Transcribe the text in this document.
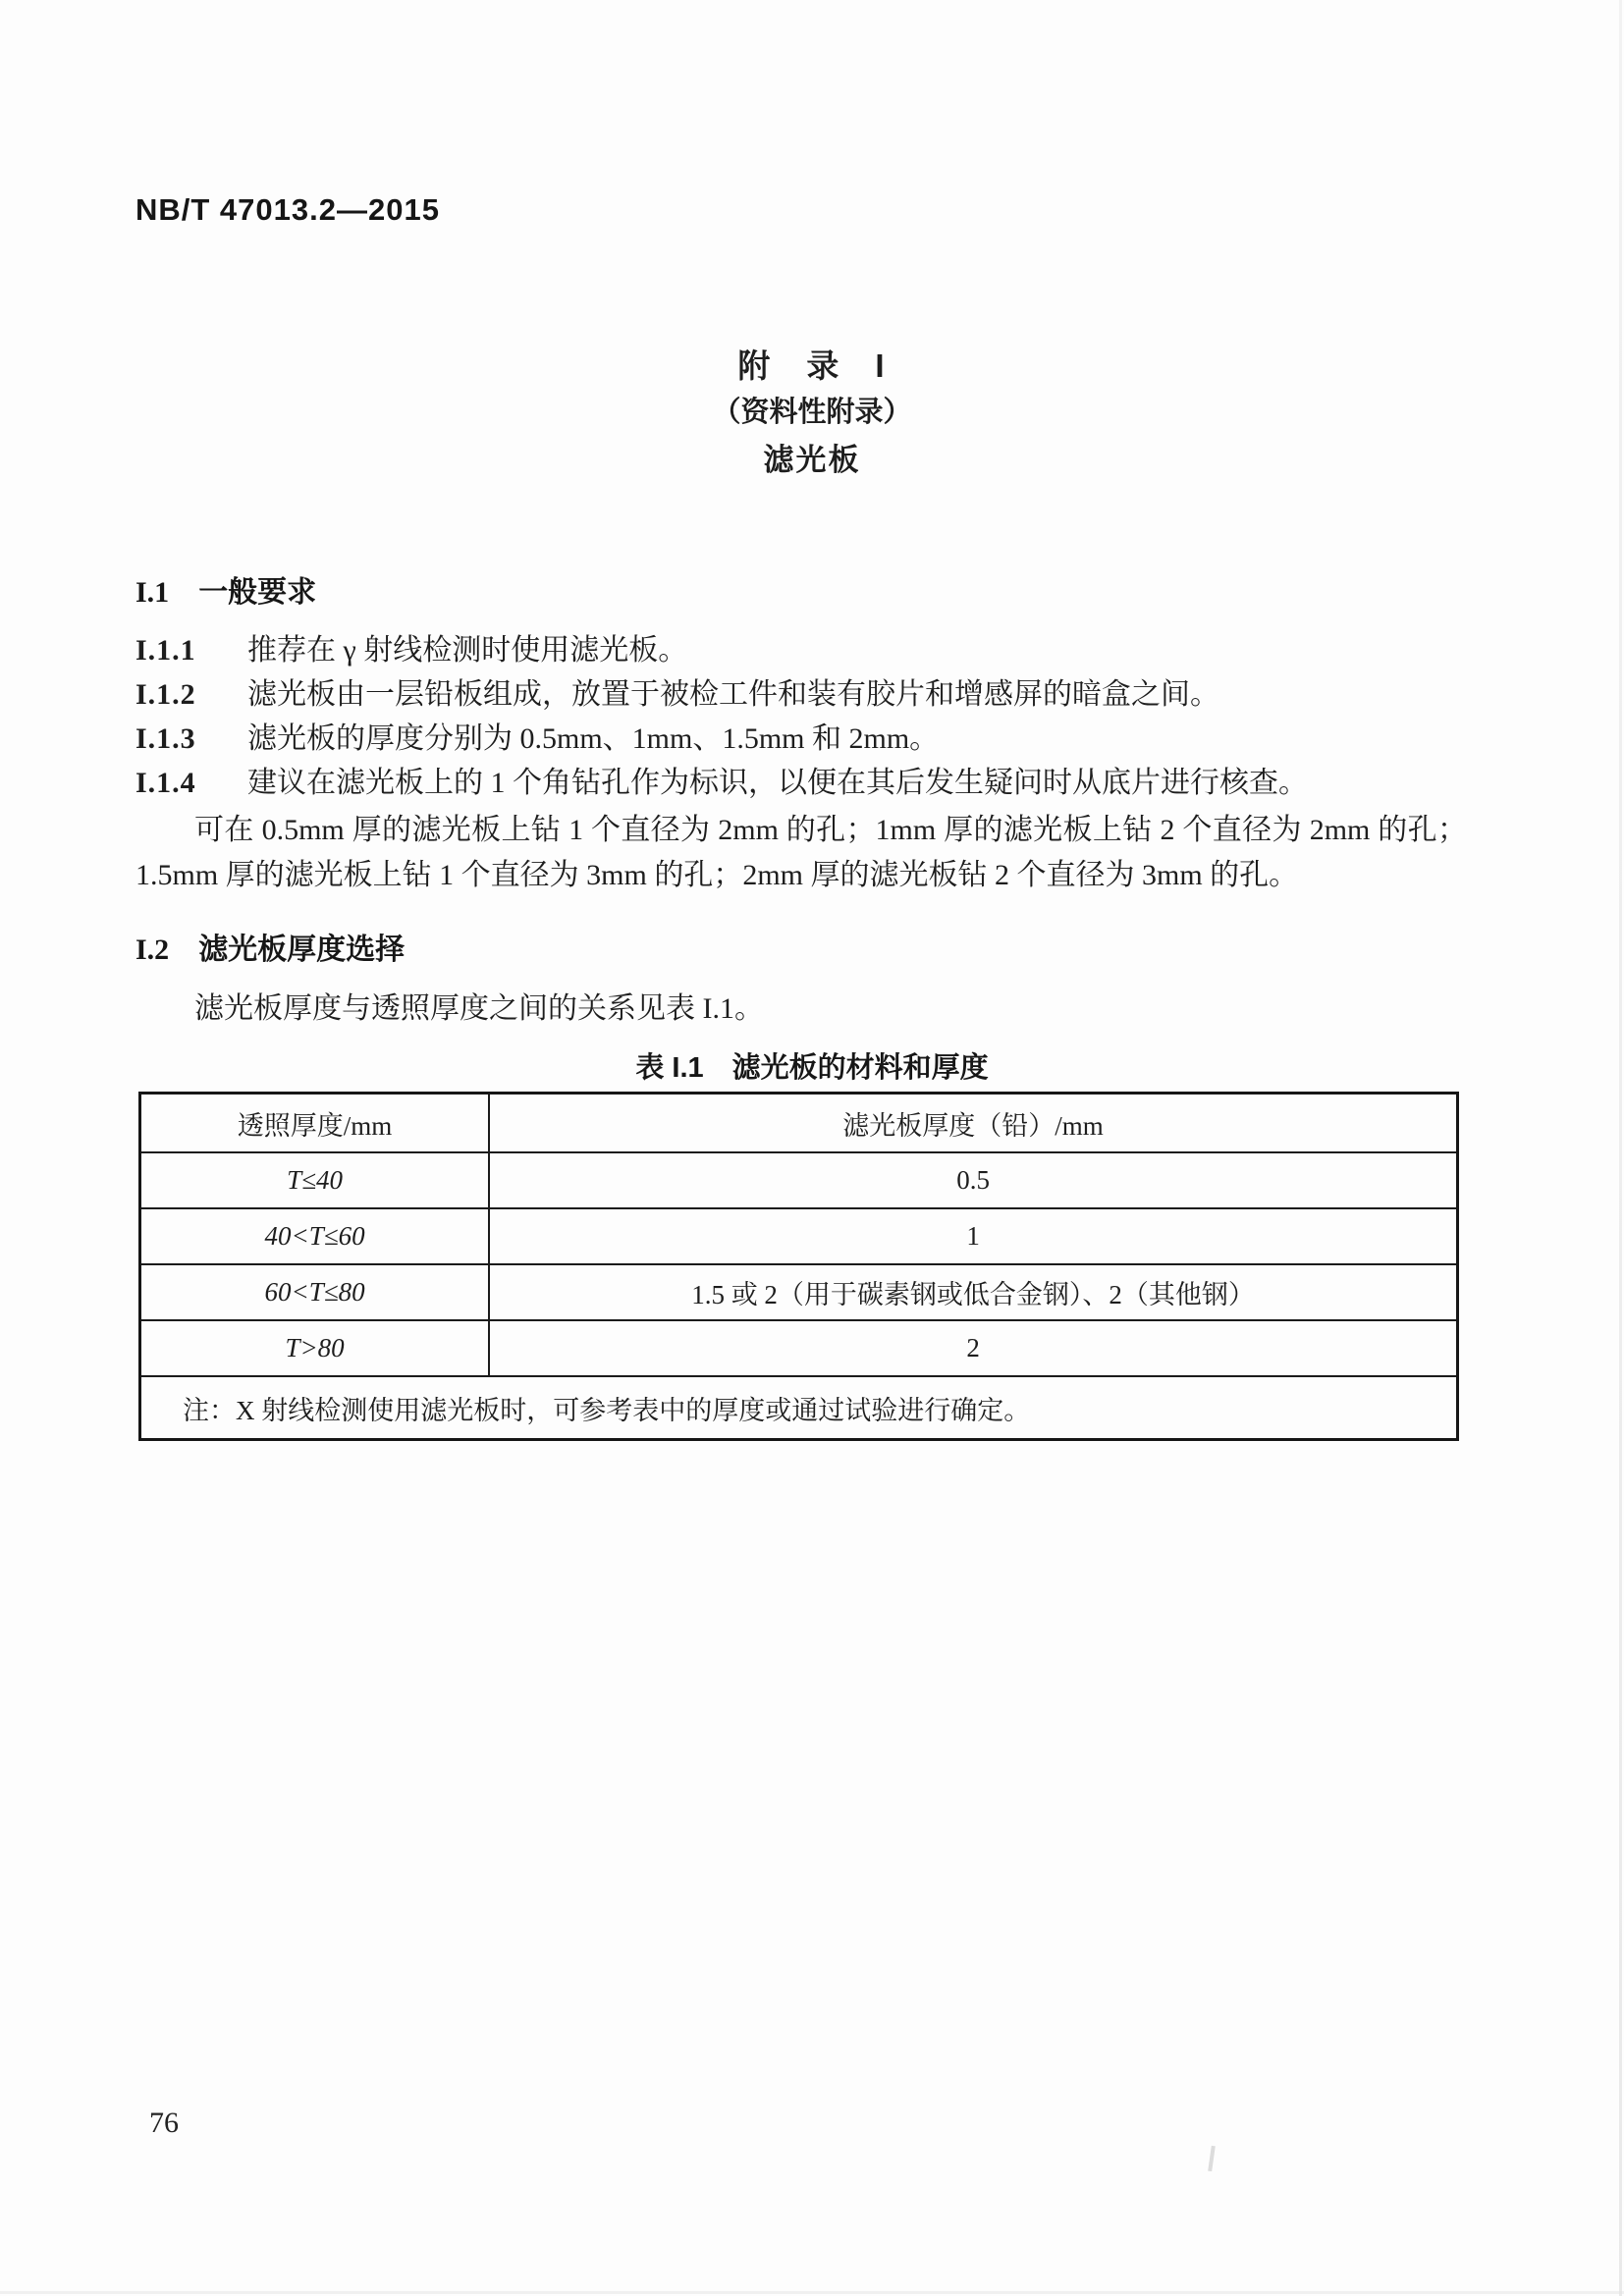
NB/T 47013.2—2015
附　录　I
（资料性附录）
滤光板
I.1 一般要求
I.1.1 推荐在 γ 射线检测时使用滤光板。
I.1.2 滤光板由一层铅板组成，放置于被检工件和装有胶片和增感屏的暗盒之间。
I.1.3 滤光板的厚度分别为 0.5mm、1mm、1.5mm 和 2mm。
I.1.4 建议在滤光板上的 1 个角钻孔作为标识，以便在其后发生疑问时从底片进行核查。

可在 0.5mm 厚的滤光板上钻 1 个直径为 2mm 的孔；1mm 厚的滤光板上钻 2 个直径为 2mm 的孔；1.5mm 厚的滤光板上钻 1 个直径为 3mm 的孔；2mm 厚的滤光板钻 2 个直径为 3mm 的孔。

I.2 滤光板厚度选择

滤光板厚度与透照厚度之间的关系见表 I.1。

表 I.1　滤光板的材料和厚度
透照厚度/mm	滤光板厚度（铅）/mm
T≤40	0.5
40<T≤60	1
60<T≤80	1.5 或 2（用于碳素钢或低合金钢）、2（其他钢）
T>80	2
注：X 射线检测使用滤光板时，可参考表中的厚度或通过试验进行确定。	
76
